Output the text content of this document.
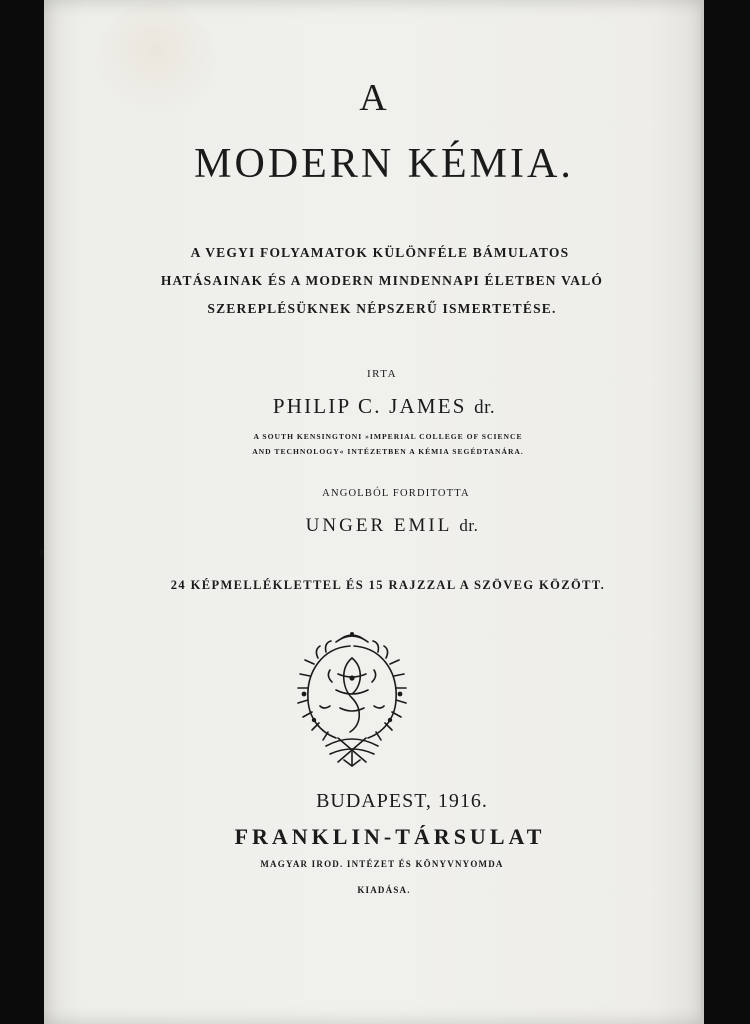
A
MODERN KÉMIA.
A VEGYI FOLYAMATOK KÜLÖNFÉLE BÁMULATOS
HATÁSAINAK ÉS A MODERN MINDENNAPI ÉLETBEN VALÓ
SZEREPLÉSÜKNEK NÉPSZERŰ ISMERTETÉSE.
IRTA
PHILIP C. JAMES dr.
A SOUTH KENSINGTONI »IMPERIAL COLLEGE OF SCIENCE
AND TECHNOLOGY« INTÉZETBEN A KÉMIA SEGÉDTANÁRA.
ANGOLBÓL FORDITOTTA
UNGER EMIL dr.
24 KÉPMELLÉKLETTEL ÉS 15 RAJZZAL A SZÖVEG KÖZÖTT.
BUDAPEST, 1916.
FRANKLIN-TÁRSULAT
MAGYAR IROD. INTÉZET ÉS KÖNYVNYOMDA
KIADÁSA.
